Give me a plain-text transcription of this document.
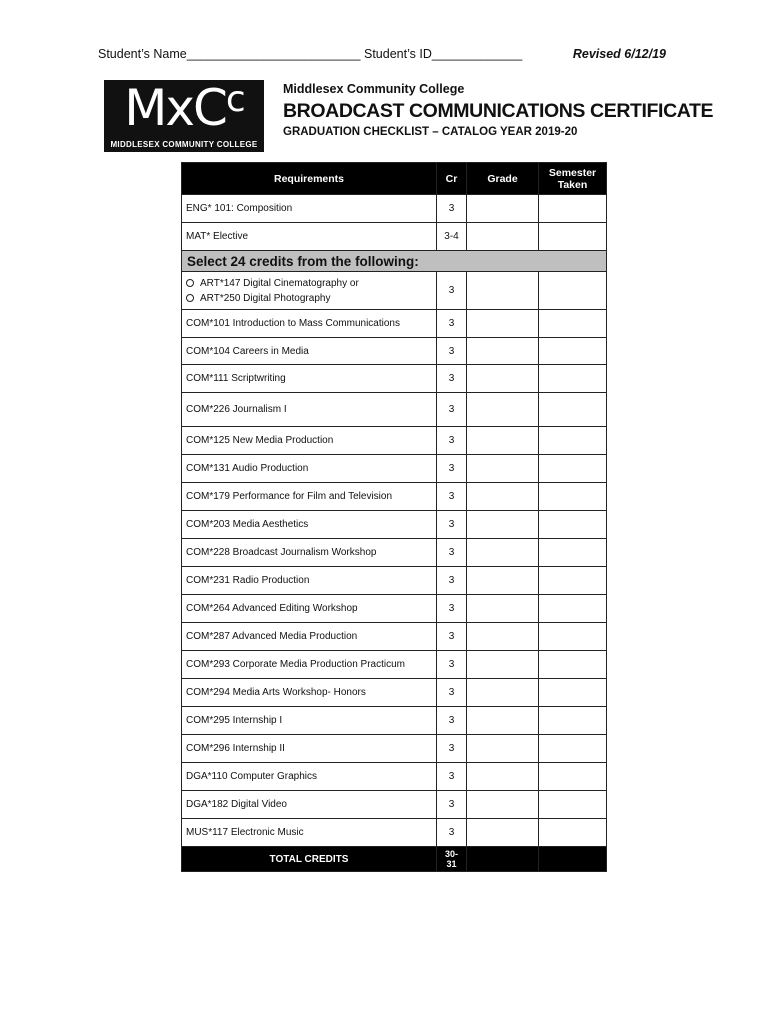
Student’s Name_________________________ Student’s ID_____________	Revised 6/12/19
MxC$^c$
MIDDLESEX COMMUNITY COLLEGE
Middlesex Community College
BROADCAST COMMUNICATIONS CERTIFICATE
GRADUATION CHECKLIST – CATALOG YEAR 2019-20
Requirements	Cr	Grade	Semester Taken
ENG* 101: Composition	3		
MAT* Elective	3-4		
Select 24 credits from the following:			

ART*147 Digital Cinematography or
ART*250 Digital Photography	3		
COM*101 Introduction to Mass Communications	3		
COM*104 Careers in Media	3		
COM*111 Scriptwriting	3		
COM*226 Journalism I	3		
COM*125 New Media Production	3		
COM*131 Audio Production	3		
COM*179 Performance for Film and Television	3		
COM*203 Media Aesthetics	3		
COM*228 Broadcast Journalism Workshop	3		
COM*231 Radio Production	3		
COM*264 Advanced Editing Workshop	3		
COM*287 Advanced Media Production	3		
COM*293 Corporate Media Production Practicum	3		
COM*294 Media Arts Workshop- Honors	3		
COM*295 Internship I	3		
COM*296 Internship II	3		
DGA*110 Computer Graphics	3		
DGA*182 Digital Video	3		
MUS*117 Electronic Music	3		
TOTAL CREDITS	30-31		
